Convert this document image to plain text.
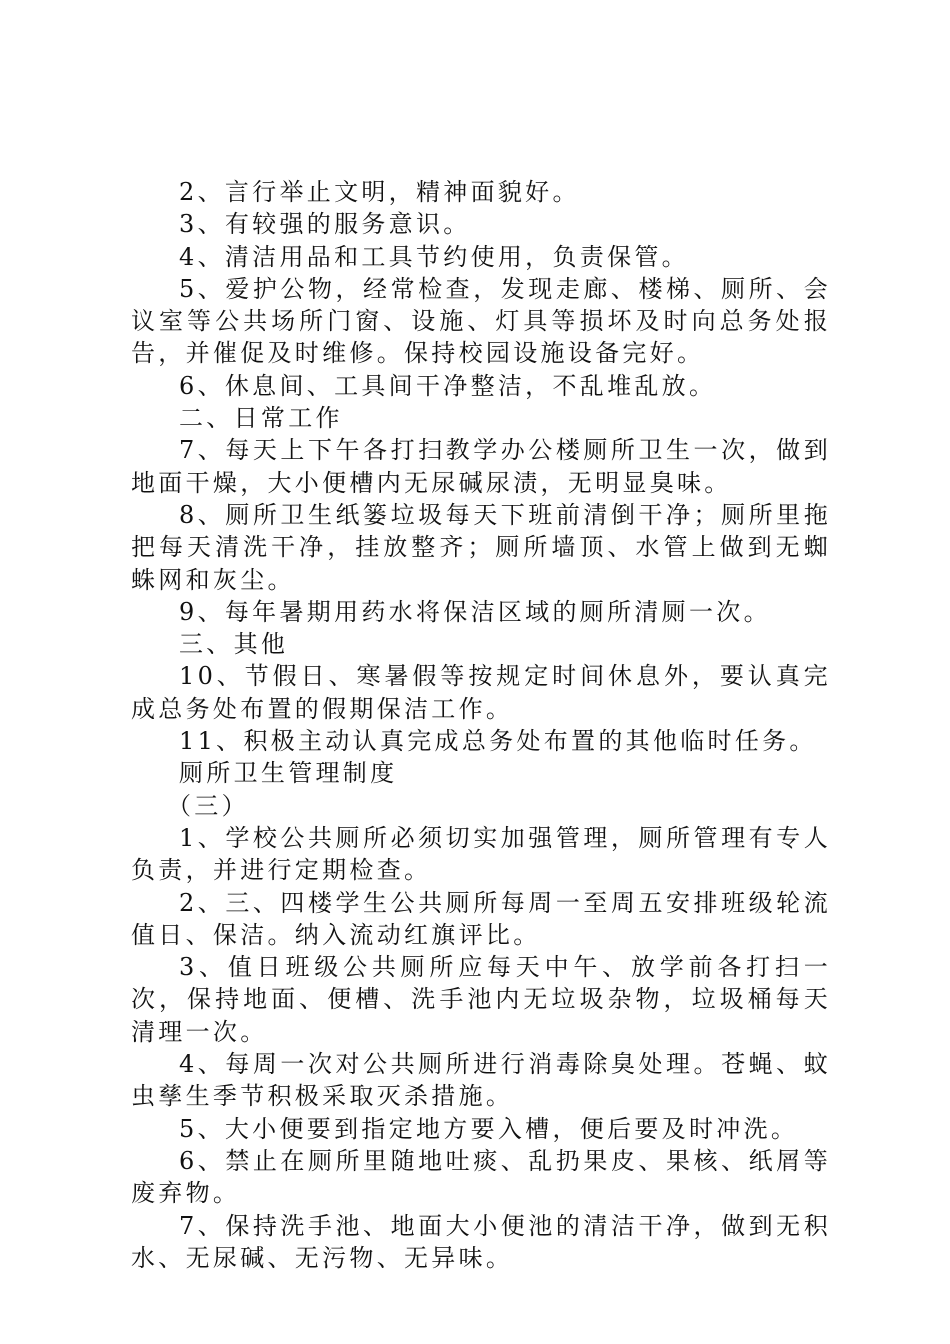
2、言行举止文明，精神面貌好。

3、有较强的服务意识。

4、清洁用品和工具节约使用，负责保管。

5、爱护公物，经常检查，发现走廊、楼梯、厕所、会议室等公共场所门窗、设施、灯具等损坏及时向总务处报告，并催促及时维修。保持校园设施设备完好。

6、休息间、工具间干净整洁，不乱堆乱放。

二、日常工作

7、每天上下午各打扫教学办公楼厕所卫生一次，做到地面干燥，大小便槽内无尿碱尿渍，无明显臭味。

8、厕所卫生纸篓垃圾每天下班前清倒干净；厕所里拖把每天清洗干净，挂放整齐；厕所墙顶、水管上做到无蜘蛛网和灰尘。

9、每年暑期用药水将保洁区域的厕所清厕一次。

三、其他

10、节假日、寒暑假等按规定时间休息外，要认真完成总务处布置的假期保洁工作。

11、积极主动认真完成总务处布置的其他临时任务。

厕所卫生管理制度

（三）

1、学校公共厕所必须切实加强管理，厕所管理有专人负责，并进行定期检查。

2、三、四楼学生公共厕所每周一至周五安排班级轮流值日、保洁。纳入流动红旗评比。

3、值日班级公共厕所应每天中午、放学前各打扫一次，保持地面、便槽、洗手池内无垃圾杂物，垃圾桶每天清理一次。

4、每周一次对公共厕所进行消毒除臭处理。苍蝇、蚊虫孳生季节积极采取灭杀措施。

5、大小便要到指定地方要入槽，便后要及时冲洗。

6、禁止在厕所里随地吐痰、乱扔果皮、果核、纸屑等废弃物。

7、保持洗手池、地面大小便池的清洁干净，做到无积水、无尿碱、无污物、无异味。
